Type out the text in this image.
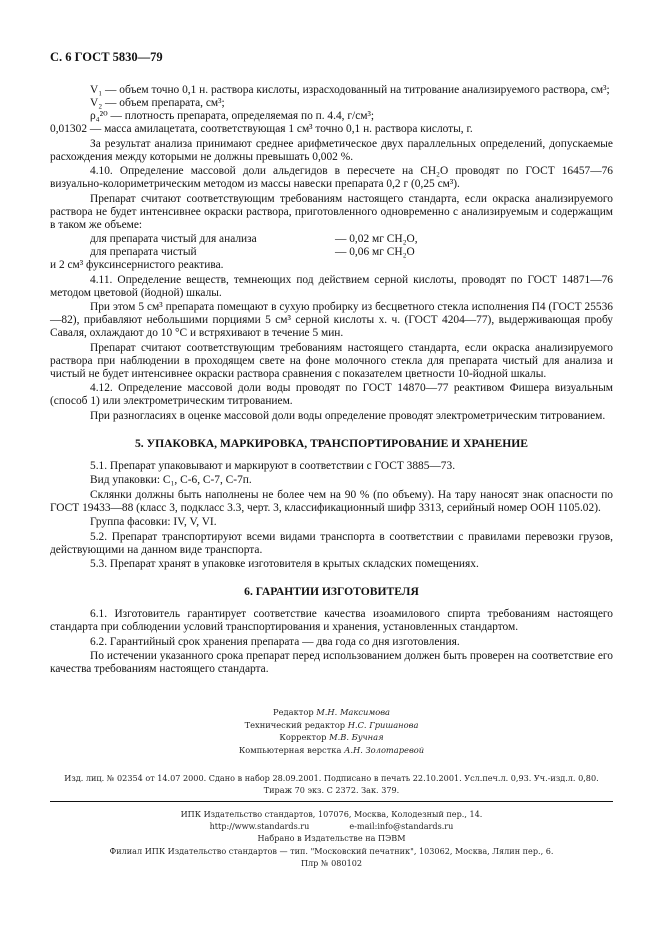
С. 6 ГОСТ 5830—79

V₁ — объем точно 0,1 н. раствора кислоты, израсходованный на титрование анализируемого раствора, см³;

V₂ — объем препарата, см³;

ρ₄²⁰ — плотность препарата, определяемая по п. 4.4, г/см³;

0,01302 — масса амилацетата, соответствующая 1 см³ точно 0,1 н. раствора кислоты, г.

За результат анализа принимают среднее арифметическое двух параллельных определений, допускаемые расхождения между которыми не должны превышать 0,002 %.

4.10. Определение массовой доли альдегидов в пересчете на CH₂O проводят по ГОСТ 16457—76 визуально-колориметрическим методом из массы навески препарата 0,2 г (0,25 см³).

Препарат считают соответствующим требованиям настоящего стандарта, если окраска анализируемого раствора не будет интенсивнее окраски раствора, приготовленного одновременно с анализируемым и содержащим в таком же объеме:

для препарата чистый для анализа	— 0,02 мг CH₂O,
для препарата чистый	— 0,06 мг CH₂O

и 2 см³ фуксинсернистого реактива.

4.11. Определение веществ, темнеющих под действием серной кислоты, проводят по ГОСТ 14871—76 методом цветовой (йодной) шкалы.

При этом 5 см³ препарата помещают в сухую пробирку из бесцветного стекла исполнения П4 (ГОСТ 25536—82), прибавляют небольшими порциями 5 см³ серной кислоты х. ч. (ГОСТ 4204—77), выдерживающая пробу Саваля, охлаждают до 10 °С и встряхивают в течение 5 мин.

Препарат считают соответствующим требованиям настоящего стандарта, если окраска анализируемого раствора при наблюдении в проходящем свете на фоне молочного стекла для препарата чистый для анализа и чистый не будет интенсивнее окраски раствора сравнения с показателем цветности 10-йодной шкалы.

4.12. Определение массовой доли воды проводят по ГОСТ 14870—77 реактивом Фишера визуальным (способ 1) или электрометрическим титрованием.

При разногласиях в оценке массовой доли воды определение проводят электрометрическим титрованием.

5. УПАКОВКА, МАРКИРОВКА, ТРАНСПОРТИРОВАНИЕ И ХРАНЕНИЕ

5.1. Препарат упаковывают и маркируют в соответствии с ГОСТ 3885—73.

Вид упаковки: С₁, С-6, С-7, С-7п.

Склянки должны быть наполнены не более чем на 90 % (по объему). На тару наносят знак опасности по ГОСТ 19433—88 (класс 3, подкласс 3.3, черт. 3, классификационный шифр 3313, серийный номер ООН 1105.02).

Группа фасовки: IV, V, VI.

5.2. Препарат транспортируют всеми видами транспорта в соответствии с правилами перевозки грузов, действующими на данном виде транспорта.

5.3. Препарат хранят в упаковке изготовителя в крытых складских помещениях.

6. ГАРАНТИИ ИЗГОТОВИТЕЛЯ

6.1. Изготовитель гарантирует соответствие качества изоамилового спирта требованиям настоящего стандарта при соблюдении условий транспортирования и хранения, установленных стандартом.

6.2. Гарантийный срок хранения препарата — два года со дня изготовления.

По истечении указанного срока препарат перед использованием должен быть проверен на соответствие его качества требованиям настоящего стандарта.

Редактор М.Н. Максимова
Технический редактор Н.С. Гришанова
Корректор М.В. Бучная
Компьютерная верстка А.Н. Золотаревой
Изд. лиц. № 02354 от 14.07 2000. Сдано в набор 28.09.2001. Подписано в печать 22.10.2001. Усл.печ.л. 0,93. Уч.-изд.л. 0,80.
Тираж 70 экз. С 2372. Зак. 379.
ИПК Издательство стандартов, 107076, Москва, Колодезный пер., 14.
http://www.standards.ru	e-mail:info@standards.ru
Набрано в Издательстве на ПЭВМ
Филиал ИПК Издательство стандартов — тип. "Московский печатник", 103062, Москва, Лялин пер., 6.
Плр № 080102
